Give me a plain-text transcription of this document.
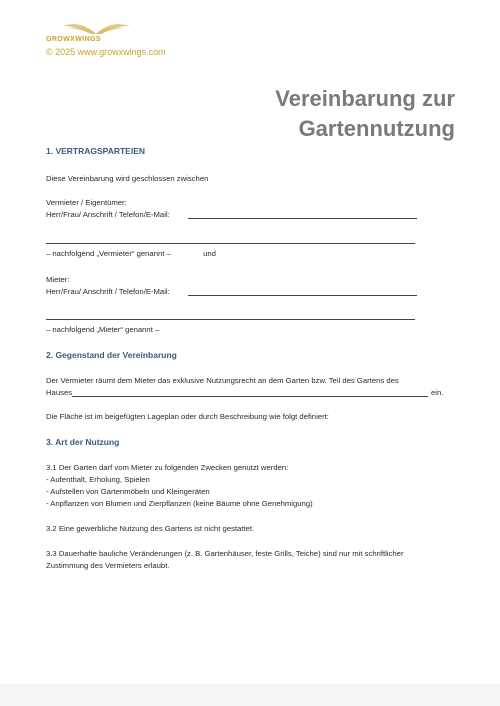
GROWXWINGS
© 2025 www.growxwings.com
Vereinbarung zur
Gartennutzung
1. VERTRAGSPARTEIEN
Diese Vereinbarung wird geschlossen zwischen
Vermieter / Eigentümer:
Herr/Frau/ Anschrift / Telefon/E-Mail:
– nachfolgend „Vermieter“ genannt –	und
Mieter:
Herr/Frau/ Anschrift / Telefon/E-Mail:
– nachfolgend „Mieter“ genannt –
2. Gegenstand der Vereinbarung
Der Vermieter räumt dem Mieter das exklusive Nutzungsrecht an dem Garten bzw. Teil des Gartens des
Hauses	ein.
Die Fläche ist im beigefügten Lageplan oder durch Beschreibung wie folgt definiert:
3. Art der Nutzung
3.1 Der Garten darf vom Mieter zu folgenden Zwecken genutzt werden:
- Aufenthalt, Erholung, Spielen
- Aufstellen von Gartenmöbeln und Kleingeräten
- Anpflanzen von Blumen und Zierpflanzen (keine Bäume ohne Genehmigung)
3.2 Eine gewerbliche Nutzung des Gartens ist nicht gestattet.
3.3 Dauerhafte bauliche Veränderungen (z. B. Gartenhäuser, feste Grills, Teiche) sind nur mit schriftlicher
Zustimmung des Vermieters erlaubt.
